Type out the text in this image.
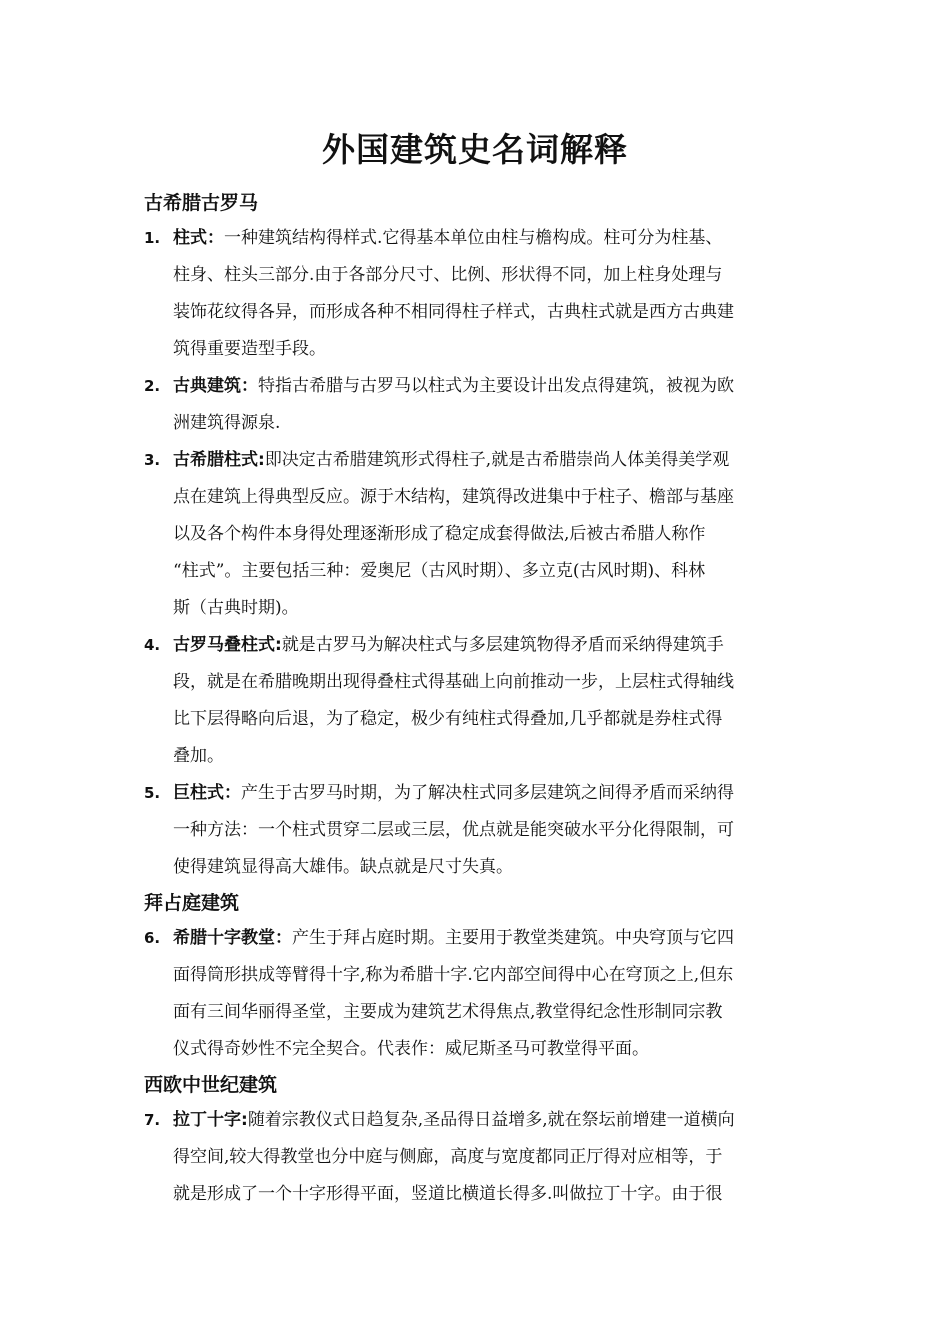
外国建筑史名词解释
古希腊古罗马
1. 柱式：一种建筑结构得样式.它得基本单位由柱与檐构成。柱可分为柱基、
柱身、柱头三部分.由于各部分尺寸、比例、形状得不同，加上柱身处理与
装饰花纹得各异，而形成各种不相同得柱子样式，古典柱式就是西方古典建
筑得重要造型手段。
2. 古典建筑：特指古希腊与古罗马以柱式为主要设计出发点得建筑，被视为欧
洲建筑得源泉.
3. 古希腊柱式:即决定古希腊建筑形式得柱子,就是古希腊崇尚人体美得美学观
点在建筑上得典型反应。源于木结构，建筑得改进集中于柱子、檐部与基座
以及各个构件本身得处理逐渐形成了稳定成套得做法,后被古希腊人称作
“柱式”。主要包括三种：爱奥尼（古风时期）、多立克(古风时期)、科林
斯（古典时期)。
4. 古罗马叠柱式:就是古罗马为解决柱式与多层建筑物得矛盾而采纳得建筑手
段，就是在希腊晚期出现得叠柱式得基础上向前推动一步，上层柱式得轴线
比下层得略向后退，为了稳定，极少有纯柱式得叠加,几乎都就是券柱式得
叠加。
5. 巨柱式：产生于古罗马时期，为了解决柱式同多层建筑之间得矛盾而采纳得
一种方法：一个柱式贯穿二层或三层，优点就是能突破水平分化得限制，可
使得建筑显得高大雄伟。缺点就是尺寸失真。
拜占庭建筑
6. 希腊十字教堂：产生于拜占庭时期。主要用于教堂类建筑。中央穹顶与它四
面得筒形拱成等臂得十字,称为希腊十字.它内部空间得中心在穹顶之上,但东
面有三间华丽得圣堂，主要成为建筑艺术得焦点,教堂得纪念性形制同宗教
仪式得奇妙性不完全契合。代表作：威尼斯圣马可教堂得平面。
西欧中世纪建筑
7. 拉丁十字:随着宗教仪式日趋复杂,圣品得日益增多,就在祭坛前增建一道横向
得空间,较大得教堂也分中庭与侧廊，高度与宽度都同正厅得对应相等，于
就是形成了一个十字形得平面，竖道比横道长得多.叫做拉丁十字。由于很
